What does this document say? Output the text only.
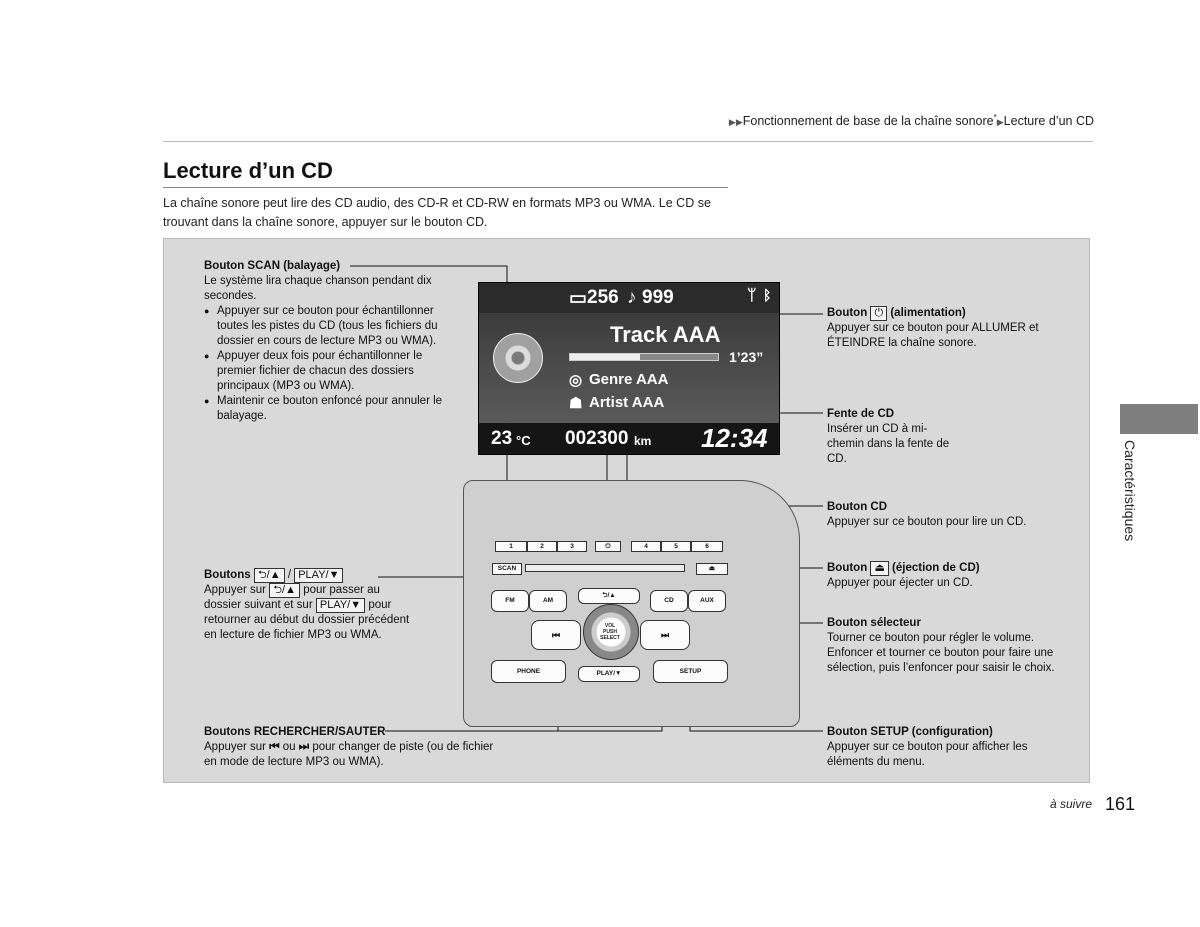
▶▶Fonctionnement de base de la chaîne sonore*▶Lecture d’un CD
Lecture d’un CD
La chaîne sonore peut lire des CD audio, des CD-R et CD-RW en formats MP3 ou WMA. Le CD se trouvant dans la chaîne sonore, appuyer sur le bouton CD.
Bouton SCAN (balayage)
Le système lira chaque chanson pendant dix secondes.
● Appuyer sur ce bouton pour échantillonner toutes les pistes du CD (tous les fichiers du dossier en cours de lecture MP3 ou WMA).
● Appuyer deux fois pour échantillonner le premier fichier de chacun des dossiers principaux (MP3 ou WMA).
● Maintenir ce bouton enfoncé pour annuler le balayage.
Boutons ⮌/▲ / PLAY/▼
Appuyer sur ⮌/▲ pour passer au dossier suivant et sur PLAY/▼ pour retourner au début du dossier précédent en lecture de fichier MP3 ou WMA.
Boutons RECHERCHER/SAUTER
Appuyer sur ⏮ ou ⏭ pour changer de piste (ou de fichier en mode de lecture MP3 ou WMA).
Bouton ⏻ (alimentation)
Appuyer sur ce bouton pour ALLUMER et ÉTEINDRE la chaîne sonore.
Fente de CD
Insérer un CD à mi-chemin dans la fente de CD.
Bouton CD
Appuyer sur ce bouton pour lire un CD.
Bouton ⏏ (éjection de CD)
Appuyer pour éjecter un CD.
Bouton sélecteur
Tourner ce bouton pour régler le volume. Enfoncer et tourner ce bouton pour faire une sélection, puis l’enfoncer pour saisir le choix.
Bouton SETUP (configuration)
Appuyer sur ce bouton pour afficher les éléments du menu.
▭ 256 ♪ 999	ᛘ ᛒ
Track AAA
1’23”
◎ Genre AAA
☗ Artist AAA
23 °C 002300 km 12:34
1	2	3	⏻	4	5	6
SCAN	⏏
FM	AM
⮌/▲
CD	AUX
⏮	⏭
VOL
PUSH
SELECT
PHONE	PLAY/▼	SETUP
Caractéristiques
à suivre 161
